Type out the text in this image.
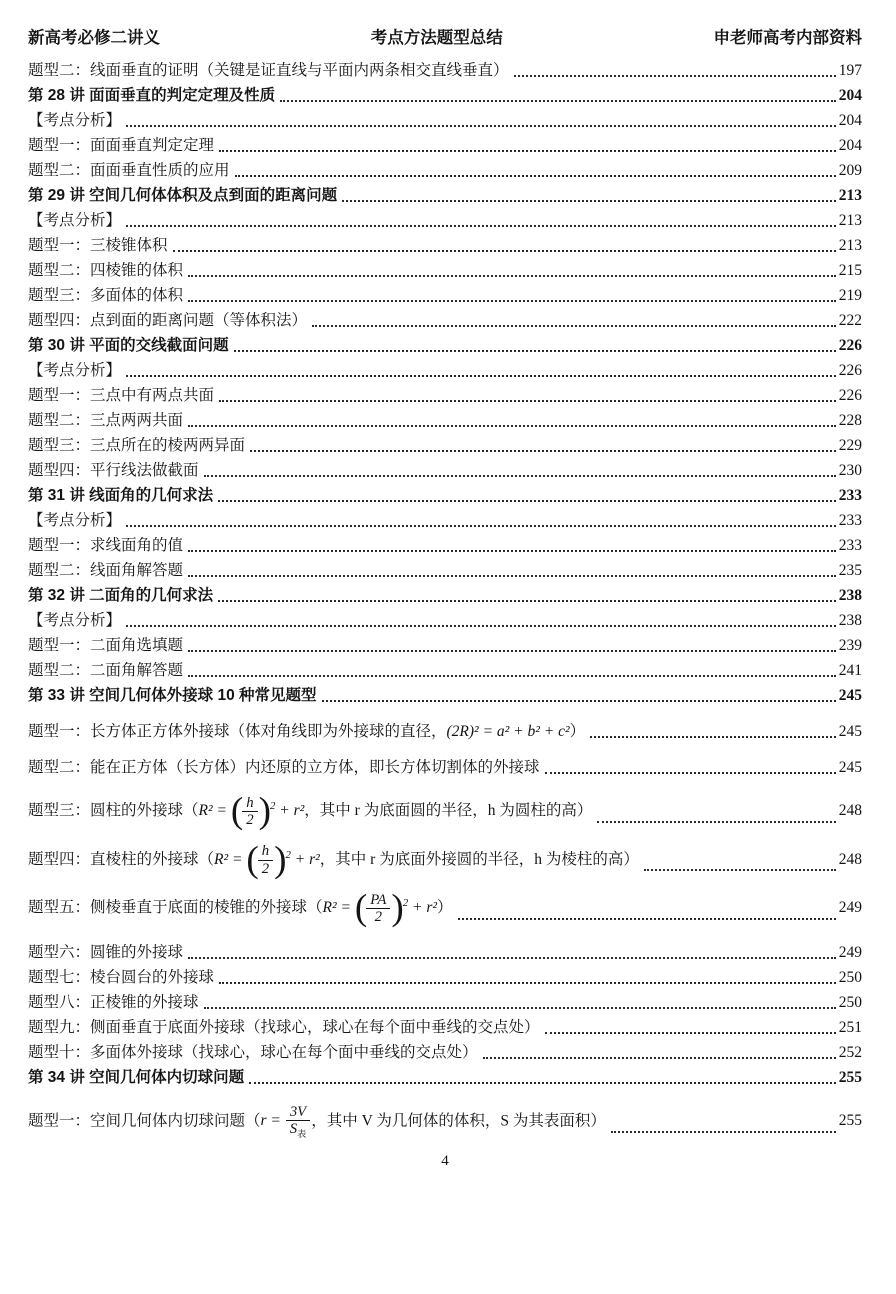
新高考必修二讲义	考点方法题型总结	申老师高考内部资料
题型二：线面垂直的证明（关键是证直线与平面内两条相交直线垂直）	197
第 28 讲 面面垂直的判定定理及性质	204
【考点分析】	204
题型一：面面垂直判定定理	204
题型二：面面垂直性质的应用	209
第 29 讲 空间几何体体积及点到面的距离问题	213
【考点分析】	213
题型一：三棱锥体积	213
题型二：四棱锥的体积	215
题型三：多面体的体积	219
题型四：点到面的距离问题（等体积法）	222
第 30 讲 平面的交线截面问题	226
【考点分析】	226
题型一：三点中有两点共面	226
题型二：三点两两共面	228
题型三：三点所在的棱两两异面	229
题型四：平行线法做截面	230
第 31 讲 线面角的几何求法	233
【考点分析】	233
题型一：求线面角的值	233
题型二：线面角解答题	235
第 32 讲 二面角的几何求法	238
【考点分析】	238
题型一：二面角选填题	239
题型二：二面角解答题	241
第 33 讲 空间几何体外接球 10 种常见题型	245
题型一：长方体正方体外接球（体对角线即为外接球的直径，(2R)² = a² + b² + c²）	245
题型二：能在正方体（长方体）内还原的立方体，即长方体切割体的外接球	245
题型三：圆柱的外接球（R² = ( $\frac{h}{2} )^2 + r^2$，其中 r 为底面圆的半径，h 为圆柱的高）	248
题型四：直棱柱的外接球（R² = ( $\frac{h}{2} )^2 + r^2$，其中 r 为底面外接圆的半径，h 为棱柱的高）	248
题型五：侧棱垂直于底面的棱锥的外接球（R² = ( $\frac{PA}{2} )^2 + r^2$）	249
题型六：圆锥的外接球	249
题型七：棱台圆台的外接球	250
题型八：正棱锥的外接球	250
题型九：侧面垂直于底面外接球（找球心，球心在每个面中垂线的交点处）	251
题型十：多面体外接球（找球心，球心在每个面中垂线的交点处）	252
第 34 讲 空间几何体内切球问题	255
题型一：空间几何体内切球问题（$r = \frac{3V}{S_表}$ ，其中 V 为几何体的体积，S 为其表面积）	255
4
